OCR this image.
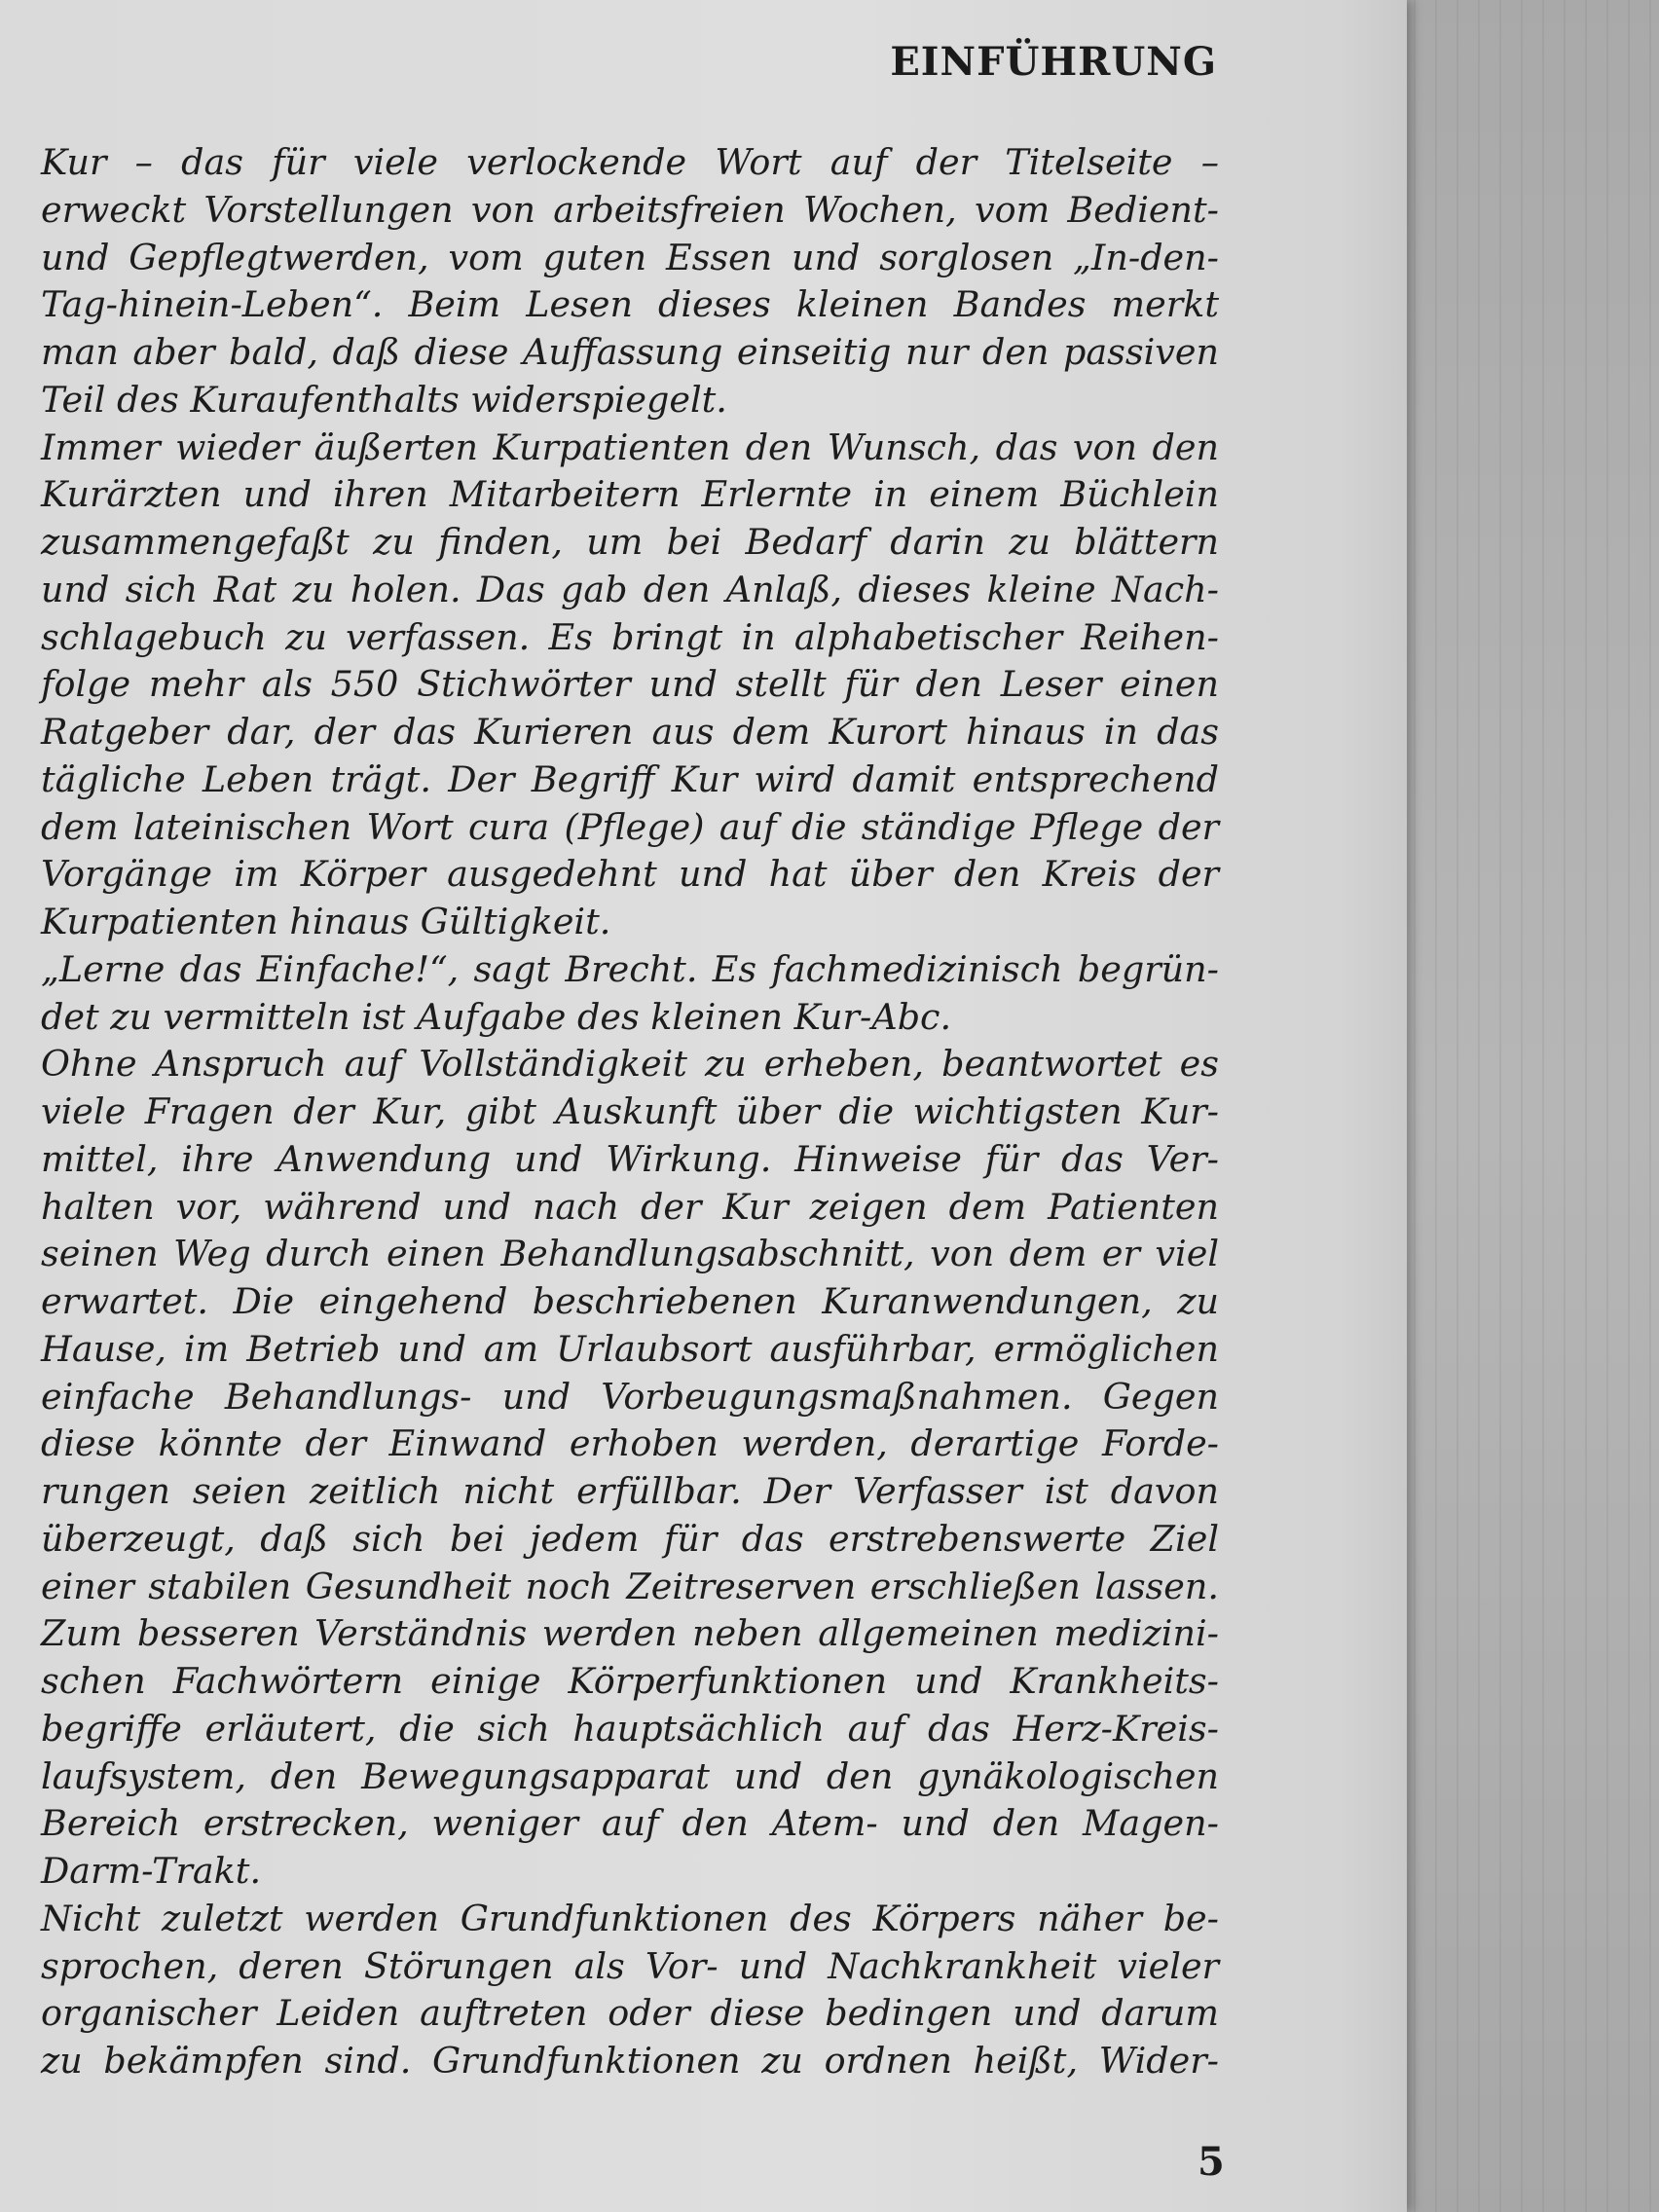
EINFÜHRUNG
Kur – das für viele verlockende Wort auf der Titelseite –
erweckt Vorstellungen von arbeitsfreien Wochen, vom Bedient-
und Gepflegtwerden, vom guten Essen und sorglosen „In-den-
Tag-hinein-Leben“. Beim Lesen dieses kleinen Bandes merkt
man aber bald, daß diese Auffassung einseitig nur den passiven
Teil des Kuraufenthalts widerspiegelt.
Immer wieder äußerten Kurpatienten den Wunsch, das von den
Kurärzten und ihren Mitarbeitern Erlernte in einem Büchlein
zusammengefaßt zu finden, um bei Bedarf darin zu blättern
und sich Rat zu holen. Das gab den Anlaß, dieses kleine Nach-
schlagebuch zu verfassen. Es bringt in alphabetischer Reihen-
folge mehr als 550 Stichwörter und stellt für den Leser einen
Ratgeber dar, der das Kurieren aus dem Kurort hinaus in das
tägliche Leben trägt. Der Begriff Kur wird damit entsprechend
dem lateinischen Wort cura (Pflege) auf die ständige Pflege der
Vorgänge im Körper ausgedehnt und hat über den Kreis der
Kurpatienten hinaus Gültigkeit.
„Lerne das Einfache!“, sagt Brecht. Es fachmedizinisch begrün-
det zu vermitteln ist Aufgabe des kleinen Kur-Abc.
Ohne Anspruch auf Vollständigkeit zu erheben, beantwortet es
viele Fragen der Kur, gibt Auskunft über die wichtigsten Kur-
mittel, ihre Anwendung und Wirkung. Hinweise für das Ver-
halten vor, während und nach der Kur zeigen dem Patienten
seinen Weg durch einen Behandlungsabschnitt, von dem er viel
erwartet. Die eingehend beschriebenen Kuranwendungen, zu
Hause, im Betrieb und am Urlaubsort ausführbar, ermöglichen
einfache Behandlungs- und Vorbeugungsmaßnahmen. Gegen
diese könnte der Einwand erhoben werden, derartige Forde-
rungen seien zeitlich nicht erfüllbar. Der Verfasser ist davon
überzeugt, daß sich bei jedem für das erstrebenswerte Ziel
einer stabilen Gesundheit noch Zeitreserven erschließen lassen.
Zum besseren Verständnis werden neben allgemeinen medizini-
schen Fachwörtern einige Körperfunktionen und Krankheits-
begriffe erläutert, die sich hauptsächlich auf das Herz-Kreis-
laufsystem, den Bewegungsapparat und den gynäkologischen
Bereich erstrecken, weniger auf den Atem- und den Magen-
Darm-Trakt.
Nicht zuletzt werden Grundfunktionen des Körpers näher be-
sprochen, deren Störungen als Vor- und Nachkrankheit vieler
organischer Leiden auftreten oder diese bedingen und darum
zu bekämpfen sind. Grundfunktionen zu ordnen heißt, Wider-
5
